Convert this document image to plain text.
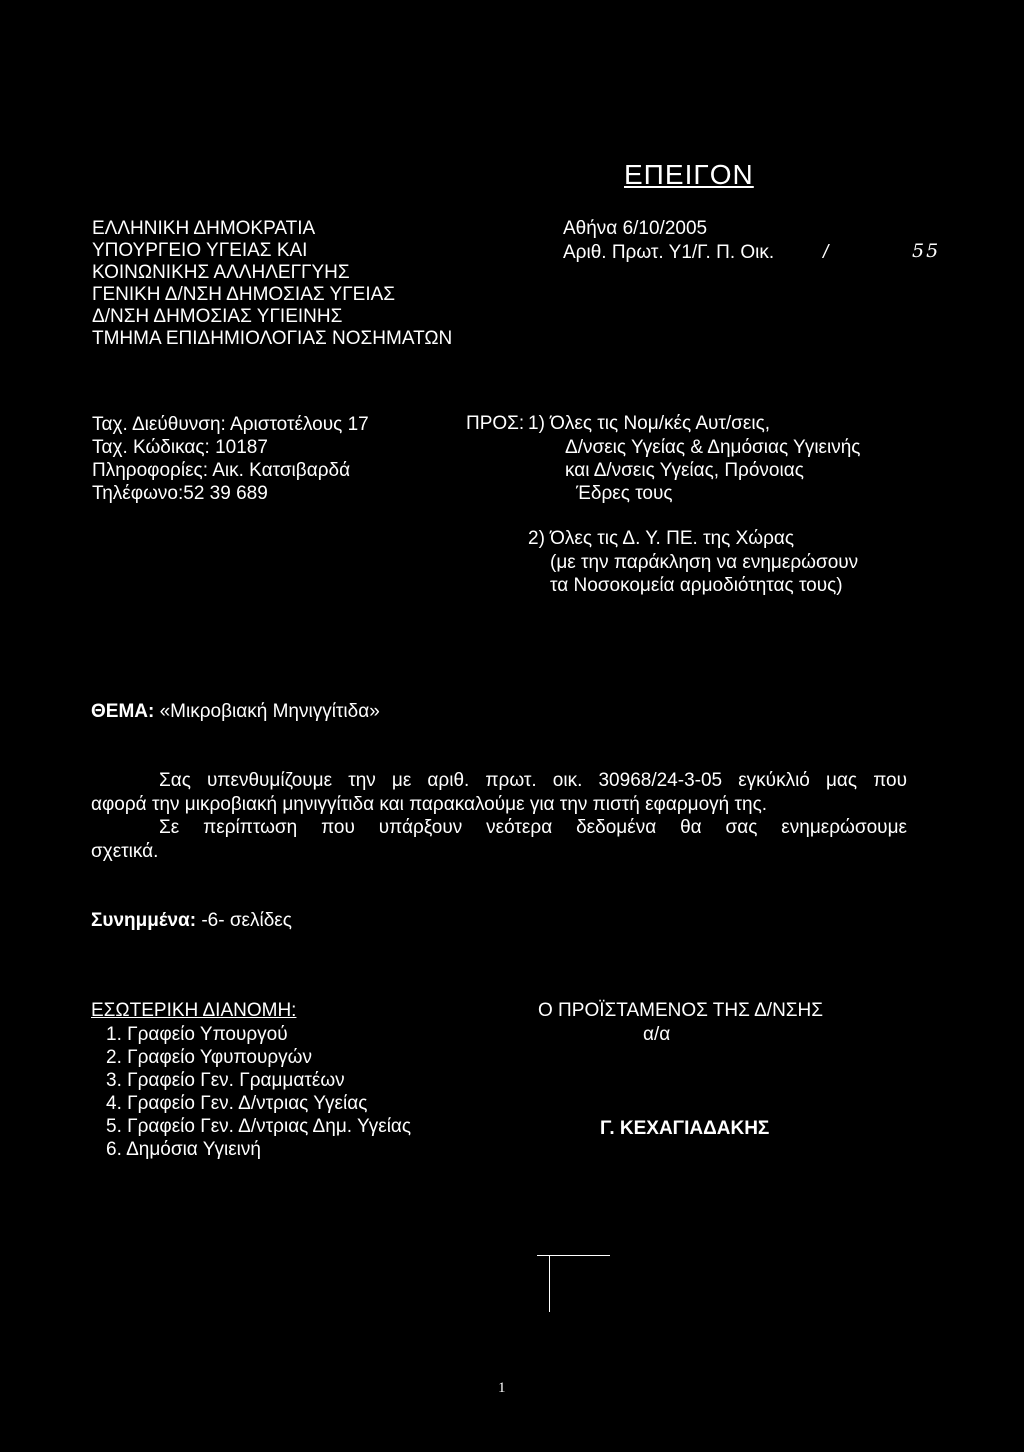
ΕΠΕΙΓΟΝ
ΕΛΛΗΝΙΚΗ ΔΗΜΟΚΡΑΤΙΑ
ΥΠΟΥΡΓΕΙΟ ΥΓΕΙΑΣ ΚΑΙ
ΚΟΙΝΩΝΙΚΗΣ ΑΛΛΗΛΕΓΓΥΗΣ
ΓΕΝΙΚΗ Δ/ΝΣΗ ΔΗΜΟΣΙΑΣ ΥΓΕΙΑΣ
Δ/ΝΣΗ ΔΗΜΟΣΙΑΣ ΥΓΙΕΙΝΗΣ
ΤΜΗΜΑ ΕΠΙΔΗΜΙΟΛΟΓΙΑΣ ΝΟΣΗΜΑΤΩΝ
Αθήνα 6/10/2005
Αριθ. Πρωτ. Υ1/Γ. Π. Οικ.	/	55
Ταχ. Διεύθυνση: Αριστοτέλους 17
Ταχ. Κώδικας: 10187
Πληροφορίες: Αικ. Κατσιβαρδά
Τηλέφωνο:52 39 689
ΠΡΟΣ: 1) Όλες τις Νομ/κές Αυτ/σεις,
Δ/νσεις Υγείας & Δημόσιας Υγιεινής
και Δ/νσεις Υγείας, Πρόνοιας
Έδρες τους
2) Όλες τις Δ. Υ. ΠΕ. της Χώρας
(με την παράκληση να ενημερώσουν
τα Νοσοκομεία αρμοδιότητας τους)
ΘΕΜΑ: «Μικροβιακή Μηνιγγίτιδα»
Σας υπενθυμίζουμε την με αριθ. πρωτ. οικ. 30968/24-3-05 εγκύκλιό μας που
αφορά την μικροβιακή μηνιγγίτιδα και παρακαλούμε για την πιστή εφαρμογή της.
Σε περίπτωση που υπάρξουν νεότερα δεδομένα θα σας ενημερώσουμε
σχετικά.
Συνημμένα: -6- σελίδες
ΕΣΩΤΕΡΙΚΗ ΔΙΑΝΟΜΗ:
1. Γραφείο Υπουργού
2. Γραφείο Υφυπουργών
3. Γραφείο Γεν. Γραμματέων
4. Γραφείο Γεν. Δ/ντριας Υγείας
5. Γραφείο Γεν. Δ/ντριας Δημ. Υγείας
6. Δημόσια Υγιεινή
Ο ΠΡΟΪΣΤΑΜΕΝΟΣ ΤΗΣ Δ/ΝΣΗΣ
α/α
Γ. ΚΕΧΑΓΙΑΔΑΚΗΣ
1
